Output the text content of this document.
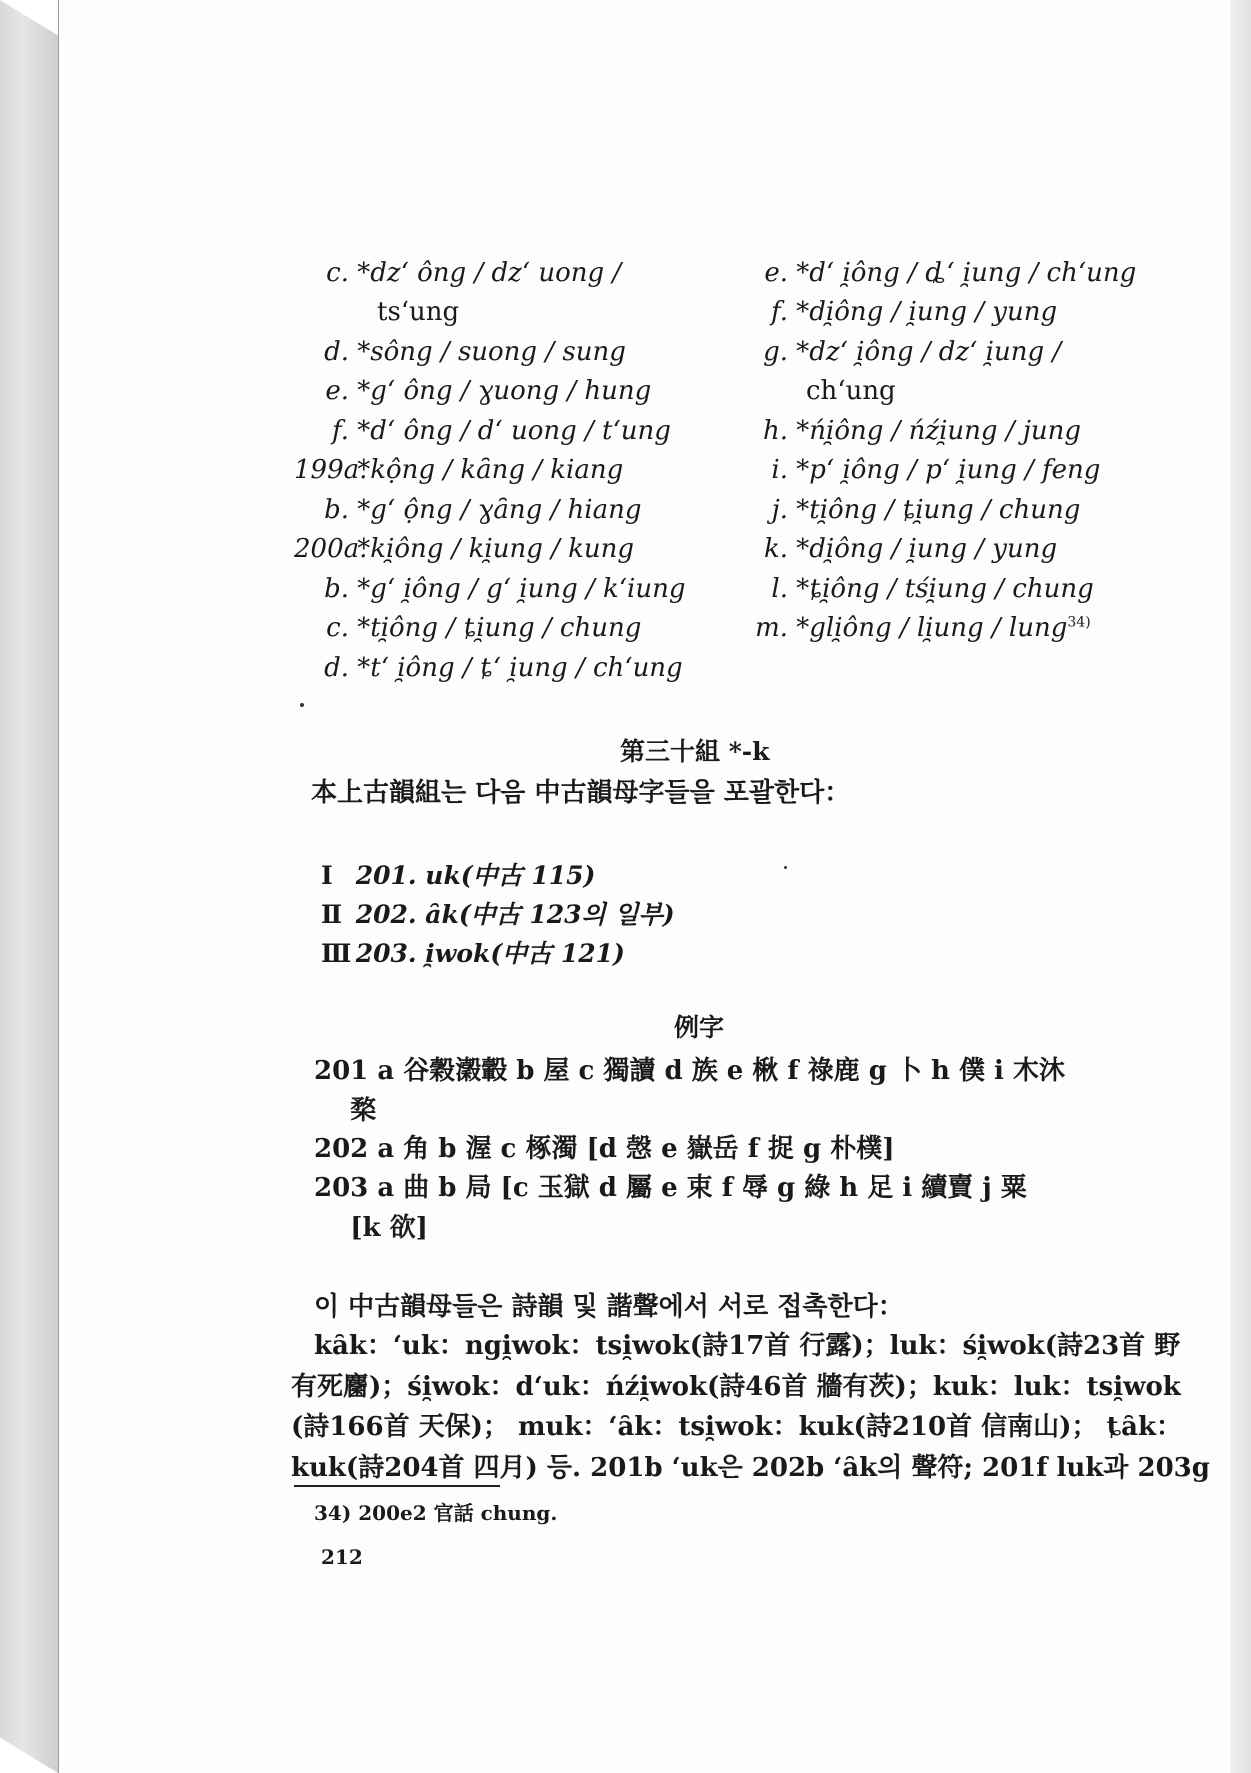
c. *dzʻ ông / dzʻ uong /
tsʻung
d. *sông / suong / sung
e. *gʻ ông / ɣuong / hung
f. *dʻ ông / dʻ uong / tʻung
199a. *kộng / kȃng / kiang
b. *gʻ ộng / ɣȃng / hiang
200a. *ki̯ông / ki̯ung / kung
b. *gʻ i̯ông / gʻ i̯ung / kʻiung
c. *ti̯ông / ȶi̯ung / chung
d. *tʻ i̯ông / ȶʻ i̯ung / chʻung
e. *dʻ i̯ông / ȡʻ i̯ung / chʻung
f. *di̯ông / i̯ung / yung
g. *dzʻ i̯ông / dzʻ i̯ung /
chʻung
h. *ńi̯ông / ńźi̯ung / jung
i. *pʻ i̯ông / pʻ i̯ung / feng
j. *ti̯ông / ȶi̯ung / chung
k. *di̯ông / i̯ung / yung
l. *ȶi̯ông / tśi̯ung / chung
m. *gli̯ông / li̯ung / lung$^{34)}$
第三十組 *-k
本上古韻組는 다음 中古韻母字들을 포괄한다：
Ⅰ 201. uk(中古 115)
Ⅱ 202. ȃk(中古 123의 일부)
Ⅲ 203. i̯wok(中古 121)
例字
201 a 谷穀瀔轂 b 屋 c 獨讀 d 族 e 楸 f 祿鹿 g 卜 h 僕 i 木沐
楘
202 a 角 b 渥 c 椓濁 [d 愨 e 嶽岳 f 捉 g 朴樸]
203 a 曲 b 局 [c 玉獄 d 屬 e 束 f 辱 g 綠 h 足 i 續賣 j 粟
[k 欲]
이 中古韻母들은 詩韻 및 諧聲에서 서로 접촉한다：
kȃk：ʻuk：ngi̯wok：tsi̯wok(詩17首 行露)；luk：śi̯wok(詩23首 野
有死麕)；śi̯wok：dʻuk：ńźi̯wok(詩46首 牆有茨)；kuk：luk：tsi̯wok
(詩166首 天保)； muk：ʻȃk：tsi̯wok：kuk(詩210首 信南山)； ȶȃk：
kuk(詩204首 四月) 등. 201b ʻuk은 202b ʻȃk의 聲符; 201f luk과 203g
34) 200e2 官話 chung.
212
